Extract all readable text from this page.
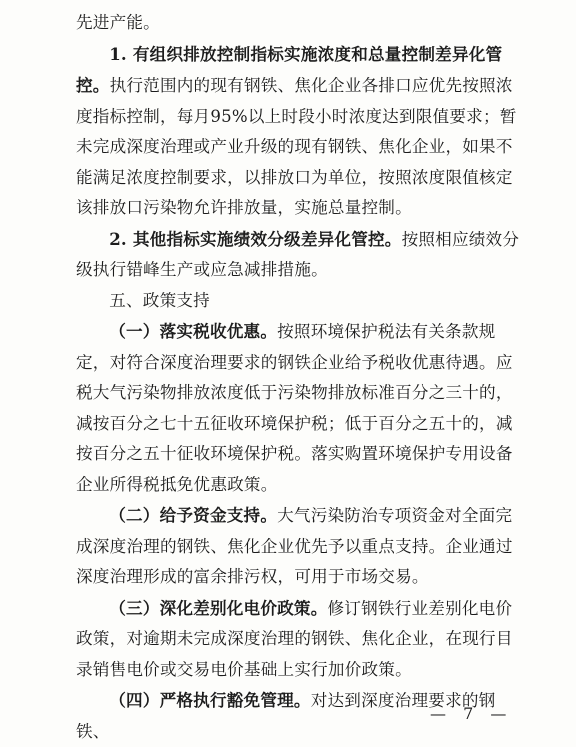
先进产能。

1. 有组织排放控制指标实施浓度和总量控制差异化管控。执行范围内的现有钢铁、焦化企业各排口应优先按照浓度指标控制，每月95%以上时段小时浓度达到限值要求；暂未完成深度治理或产业升级的现有钢铁、焦化企业，如果不能满足浓度控制要求，以排放口为单位，按照浓度限值核定该排放口污染物允许排放量，实施总量控制。

2. 其他指标实施绩效分级差异化管控。按照相应绩效分级执行错峰生产或应急减排措施。

五、政策支持

（一）落实税收优惠。按照环境保护税法有关条款规定，对符合深度治理要求的钢铁企业给予税收优惠待遇。应税大气污染物排放浓度低于污染物排放标准百分之三十的，减按百分之七十五征收环境保护税；低于百分之五十的，减按百分之五十征收环境保护税。落实购置环境保护专用设备企业所得税抵免优惠政策。

（二）给予资金支持。大气污染防治专项资金对全面完成深度治理的钢铁、焦化企业优先予以重点支持。企业通过深度治理形成的富余排污权，可用于市场交易。

（三）深化差别化电价政策。修订钢铁行业差别化电价政策，对逾期未完成深度治理的钢铁、焦化企业，在现行目录销售电价或交易电价基础上实行加价政策。

（四）严格执行豁免管理。对达到深度治理要求的钢铁、

— 7 —
